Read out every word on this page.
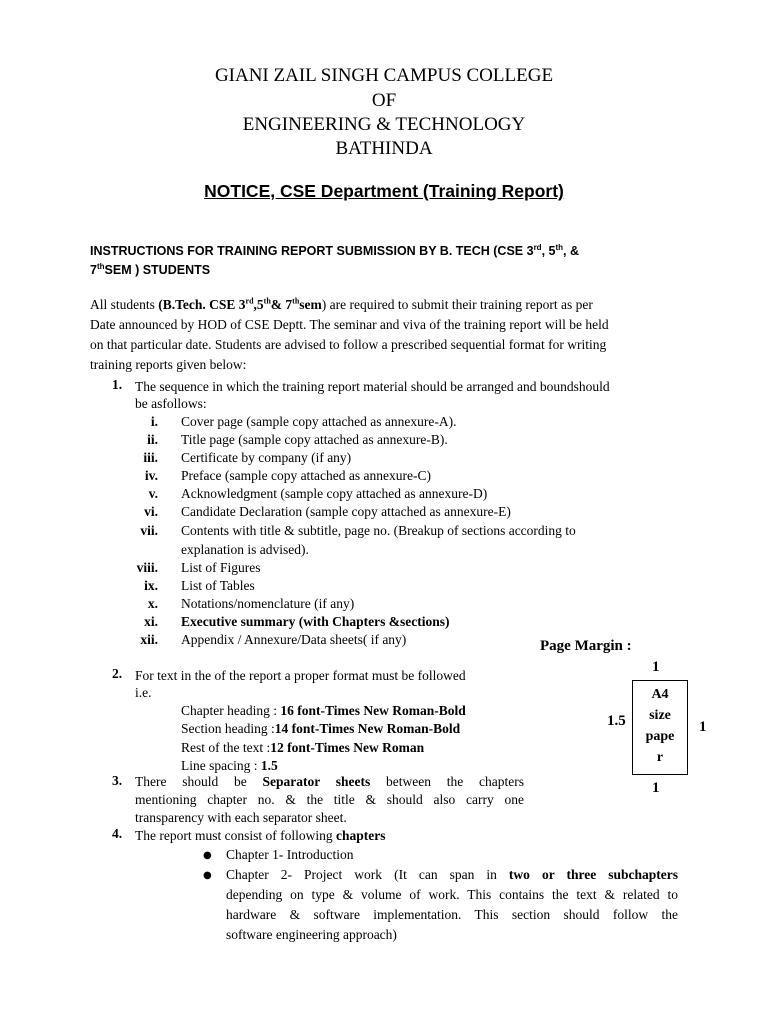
GIANI ZAIL SINGH CAMPUS COLLEGE
OF
ENGINEERING & TECHNOLOGY
BATHINDA
NOTICE, CSE Department (Training Report)
INSTRUCTIONS FOR TRAINING REPORT SUBMISSION BY B. TECH (CSE 3rd, 5th, &
7thSEM ) STUDENTS
All students (B.Tech. CSE 3rd,5th& 7thsem) are required to submit their training report as per
Date announced by HOD of CSE Deptt. The seminar and viva of the training report will be held
on that particular date. Students are advised to follow a prescribed sequential format for writing
training reports given below:
1. The sequence in which the training report material should be arranged and boundshould
be asfollows:
i. Cover page (sample copy attached as annexure-A).
ii. Title page (sample copy attached as annexure-B).
iii. Certificate by company (if any)
iv. Preface (sample copy attached as annexure-C)
v. Acknowledgment (sample copy attached as annexure-D)
vi. Candidate Declaration (sample copy attached as annexure-E)
vii. Contents with title & subtitle, page no. (Breakup of sections according to
explanation is advised).
viii. List of Figures
ix. List of Tables
x. Notations/nomenclature (if any)
xi. Executive summary (with Chapters &sections)
xii. Appendix / Annexure/Data sheets( if any)	Page Margin :
1
1.5	1
1
A4
size
pape
r
2. For text in the of the report a proper format must be followed
i.e.
Chapter heading : 16 font-Times New Roman-Bold
Section heading :14 font-Times New Roman-Bold
Rest of the text :12 font-Times New Roman
Line spacing : 1.5
3. There should be Separator sheets between the chapters
mentioning chapter no. & the title & should also carry one
transparency with each separator sheet.
4. The report must consist of following chapters
● Chapter 1- Introduction
● Chapter 2- Project work (It can span in two or three subchapters
depending on type & volume of work. This contains the text & related to
hardware & software implementation. This section should follow the
software engineering approach)
